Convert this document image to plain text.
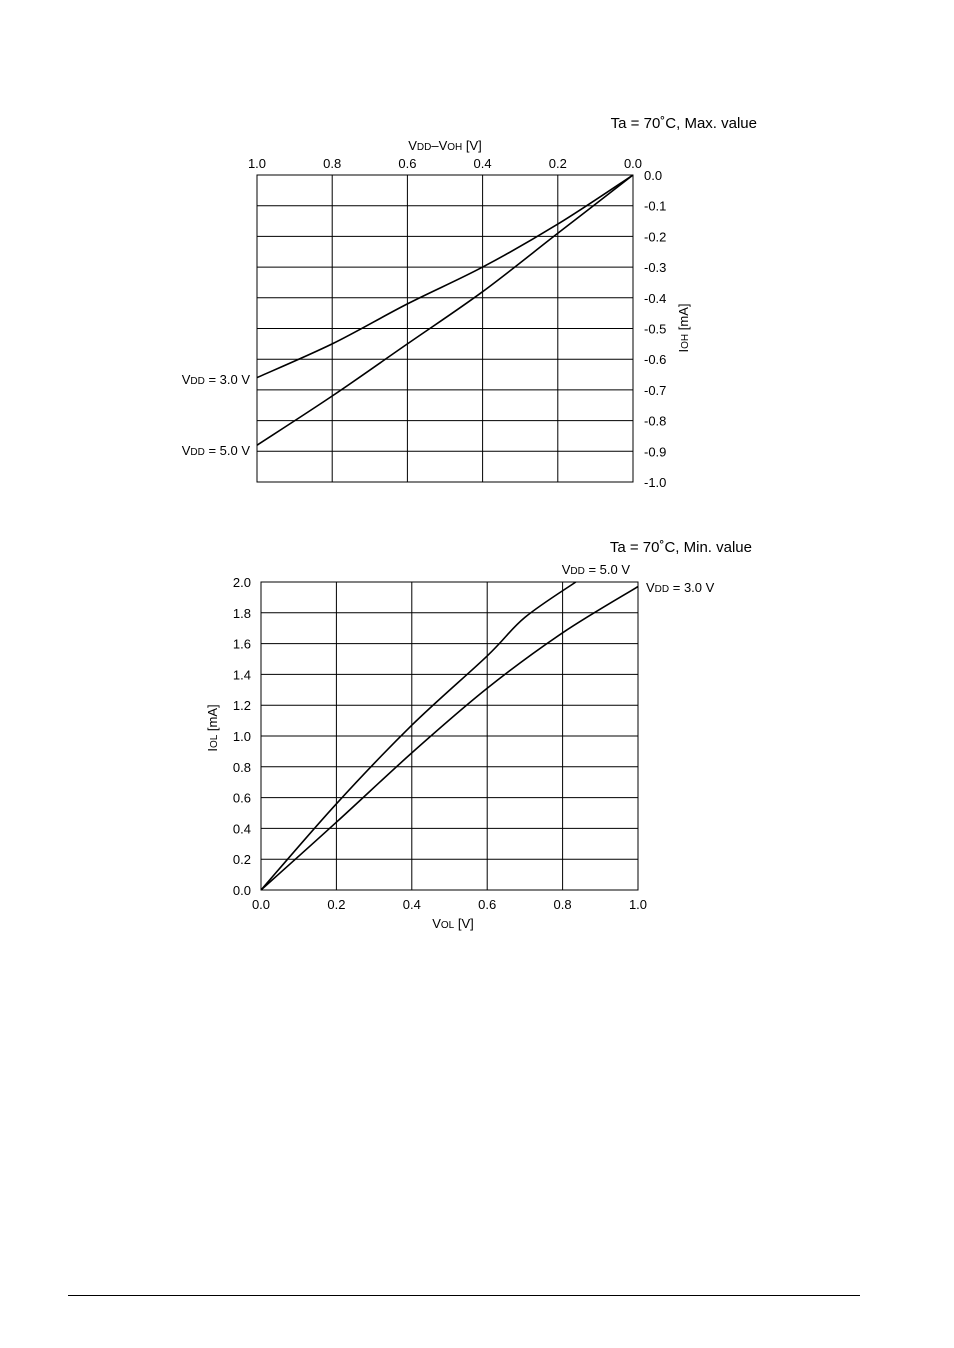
Ta = 70˚C, Max. value
VDD–VOH [V]
IOH [mA]
VDD = 3.0 V
VDD = 5.0 V
Ta = 70˚C, Min. value
VOL [V]
IOL [mA]
VDD = 5.0 V
VDD = 3.0 V
1.0	0.8	0.6	0.4	0.2	0.0
0.0
-0.1
-0.2
-0.3
-0.4
-0.5
-0.6
-0.7
-0.8
-0.9
-1.0
0.0	0.2	0.4	0.6	0.8	1.0
2.0
1.8
1.6
1.4
1.2
1.0
0.8
0.6
0.4
0.2
0.0
